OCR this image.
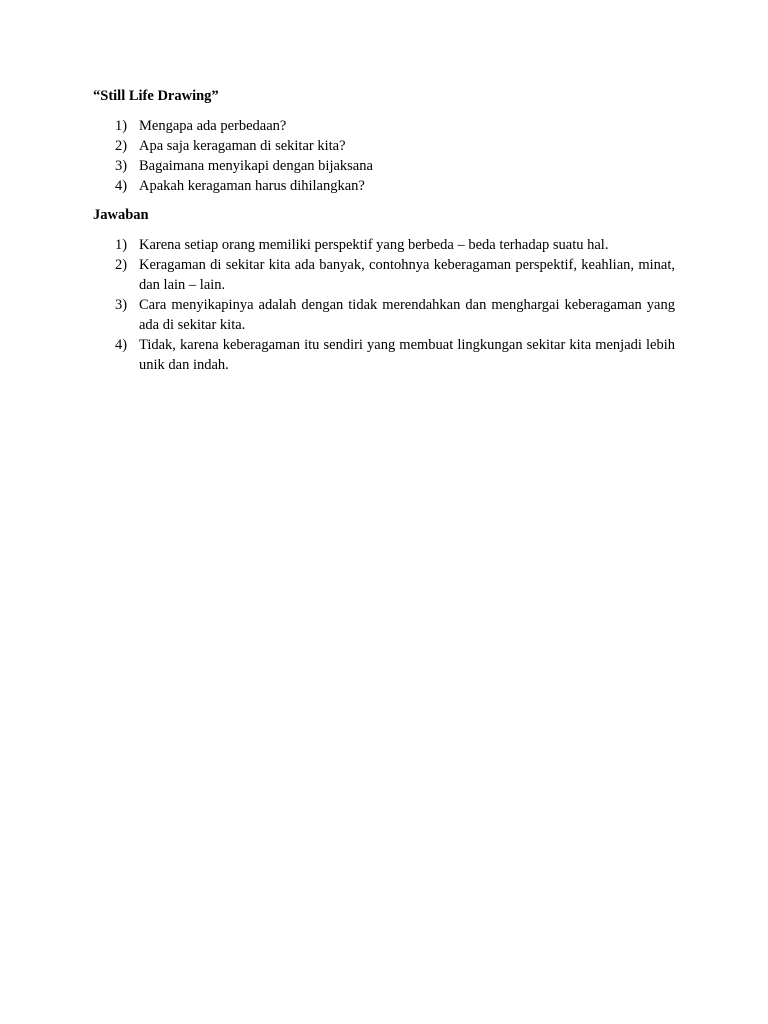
“Still Life Drawing”
1) Mengapa ada perbedaan?
2) Apa saja keragaman di sekitar kita?
3) Bagaimana menyikapi dengan bijaksana
4) Apakah keragaman harus dihilangkan?
Jawaban
1) Karena setiap orang memiliki perspektif yang berbeda – beda terhadap suatu hal.
2) Keragaman di sekitar kita ada banyak, contohnya keberagaman perspektif, keahlian, minat, dan lain – lain.
3) Cara menyikapinya adalah dengan tidak merendahkan dan menghargai keberagaman yang ada di sekitar kita.
4) Tidak, karena keberagaman itu sendiri yang membuat lingkungan sekitar kita menjadi lebih unik dan indah.
